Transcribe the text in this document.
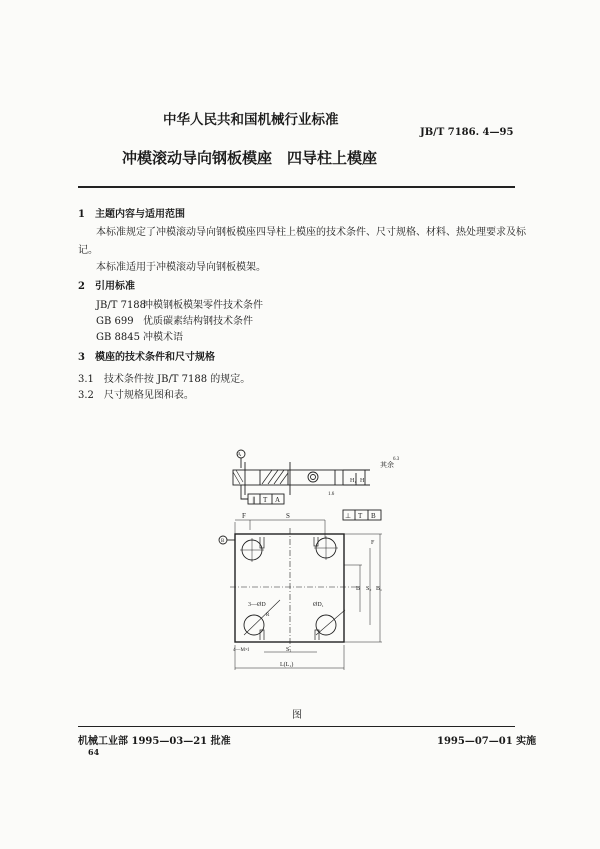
中华人民共和国机械行业标准
JB/T 7186. 4—95
冲模滚动导向钢板模座　四导柱上模座
1　主题内容与适用范围
本标准规定了冲模滚动导向钢板模座四导柱上模座的技术条件、尺寸规格、材料、热处理要求及标
记。
本标准适用于冲模滚动导向钢板模架。
2　引用标准
JB/T 7188冲模钢板模架零件技术条件
GB 699 优质碳素结构钢技术条件
GB 8845 冲模术语
3　模座的技术条件和尺寸规格
3.1　技术条件按 JB/T 7188 的规定。
3.2　尺寸规格见图和表。
A
∥ T A
其余
6.3
1.6
H₁ H
⊥ T B
B
F	S
F
B S₂ B₁
3—ØD	ØD₁
R
4—M×l	S₁
L(L₁)
图
机械工业部 1995—03—21 批准	1995—07—01 实施
64
